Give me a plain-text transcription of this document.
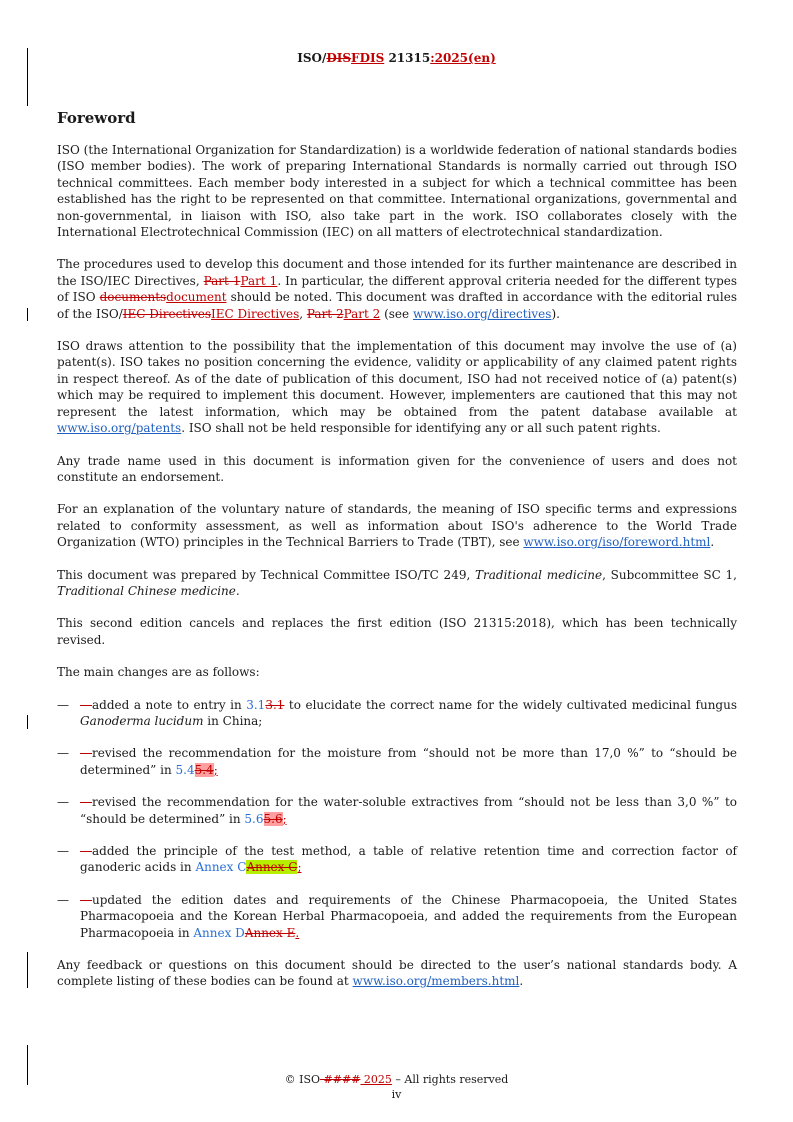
ISO/DISFDIS 21315:2025(en)
Foreword

ISO (the International Organization for Standardization) is a worldwide federation of national standards bodies (ISO member bodies). The work of preparing International Standards is normally carried out through ISO technical committees. Each member body interested in a subject for which a technical committee has been established has the right to be represented on that committee. International organizations, governmental and non-governmental, in liaison with ISO, also take part in the work. ISO collaborates closely with the International Electrotechnical Commission (IEC) on all matters of electrotechnical standardization.

The procedures used to develop this document and those intended for its further maintenance are described in the ISO/IEC Directives, Part 1Part 1. In particular, the different approval criteria needed for the different types of ISO documentsdocument should be noted. This document was drafted in accordance with the editorial rules of the ISO/IEC DirectivesIEC Directives, Part 2Part 2 (see www.iso.org/directives).

ISO draws attention to the possibility that the implementation of this document may involve the use of (a) patent(s). ISO takes no position concerning the evidence, validity or applicability of any claimed patent rights in respect thereof. As of the date of publication of this document, ISO had not received notice of (a) patent(s) which may be required to implement this document. However, implementers are cautioned that this may not represent the latest information, which may be obtained from the patent database available at www.iso.org/patents. ISO shall not be held responsible for identifying any or all such patent rights.

Any trade name used in this document is information given for the convenience of users and does not constitute an endorsement.

For an explanation of the voluntary nature of standards, the meaning of ISO specific terms and expressions related to conformity assessment, as well as information about ISO's adherence to the World Trade Organization (WTO) principles in the Technical Barriers to Trade (TBT), see www.iso.org/iso/foreword.html.

This document was prepared by Technical Committee ISO/TC 249, Traditional medicine, Subcommittee SC 1, Traditional Chinese medicine.

This second edition cancels and replaces the first edition (ISO 21315:2018), which has been technically revised.

The main changes are as follows:

— —added a note to entry in 3.13.1 to elucidate the correct name for the widely cultivated medicinal fungus Ganoderma lucidum in China;
— —revised the recommendation for the moisture from “should not be more than 17,0 %” to “should be determined” in 5.45.4;
— —revised the recommendation for the water-soluble extractives from “should not be less than 3,0 %” to “should be determined” in 5.65.6;
— —added the principle of the test method, a table of relative retention time and correction factor of ganoderic acids in Annex CAnnex C;
— —updated the edition dates and requirements of the Chinese Pharmacopoeia, the United States Pharmacopoeia and the Korean Herbal Pharmacopoeia, and added the requirements from the European Pharmacopoeia in Annex DAnnex E.

Any feedback or questions on this document should be directed to the user’s national standards body. A complete listing of these bodies can be found at www.iso.org/members.html.

© ISO #### 2025 – All rights reserved
iv
